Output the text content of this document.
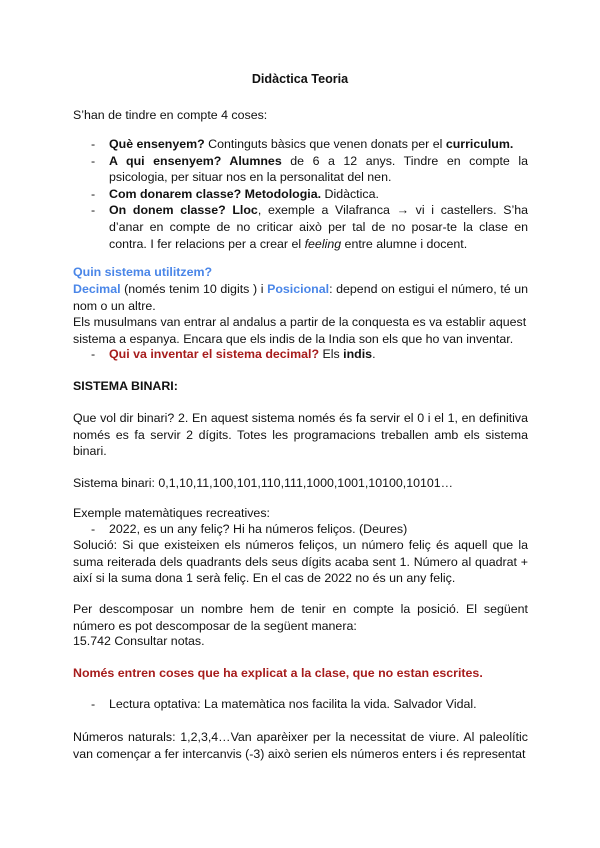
Didàctica Teoria
S’han de tindre en compte 4 coses:
- Què ensenyem? Continguts bàsics que venen donats per el curriculum.
- A qui ensenyem? Alumnes de 6 a 12 anys. Tindre en compte la psicologia, per situar nos en la personalitat del nen.
- Com donarem classe? Metodologia. Didàctica.
- On donem classe? Lloc, exemple a Vilafranca → vi i castellers. S’ha d’anar en compte de no criticar això per tal de no posar-te la clase en contra. I fer relacions per a crear el feeling entre alumne i docent.
Quin sistema utilitzem?
Decimal (només tenim 10 digits ) i Posicional: depend on estigui el número, té un nom o un altre.
Els musulmans van entrar al andalus a partir de la conquesta es va establir aquest sistema a espanya. Encara que els indis de la India son els que ho van inventar.
- Qui va inventar el sistema decimal? Els indis.
SISTEMA BINARI:
Que vol dir binari? 2. En aquest sistema només és fa servir el 0 i el 1, en definitiva només es fa servir 2 dígits. Totes les programacions treballen amb els sistema binari.
Sistema binari: 0,1,10,11,100,101,110,111,1000,1001,10100,10101…
Exemple matemàtiques recreatives:
- 2022, es un any feliç? Hi ha números feliços. (Deures)
Solució: Si que existeixen els números feliços, un número feliç és aquell que la suma reiterada dels quadrants dels seus dígits acaba sent 1. Número al quadrat + així si la suma dona 1 serà feliç. En el cas de 2022 no és un any feliç.
Per descomposar un nombre hem de tenir en compte la posició. El següent número es pot descomposar de la següent manera:
15.742 Consultar notas.
Només entren coses que ha explicat a la clase, que no estan escrites.
- Lectura optativa: La matemàtica nos facilita la vida. Salvador Vidal.
Números naturals: 1,2,3,4…Van aparèixer per la necessitat de viure. Al paleolític van començar a fer intercanvis (-3) això serien els números enters i és representat
